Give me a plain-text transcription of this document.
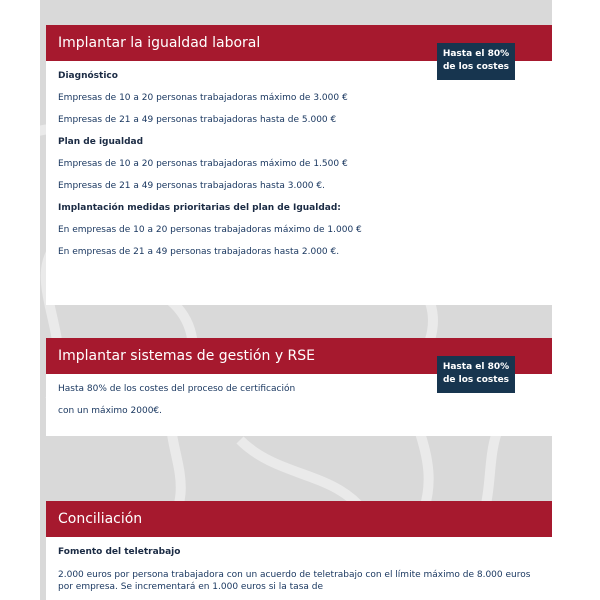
Implantar la igualdad laboral
Hasta el 80%
de los costes
Diagnóstico
Empresas de 10 a 20 personas trabajadoras máximo de 3.000 €
Empresas de 21 a 49 personas trabajadoras hasta de 5.000 €
Plan de igualdad
Empresas de 10 a 20 personas trabajadoras máximo de 1.500 €
Empresas de 21 a 49 personas trabajadoras hasta 3.000 €.
Implantación medidas prioritarias del plan de Igualdad:
En empresas de 10 a 20 personas trabajadoras máximo de 1.000 €
En empresas de 21 a 49 personas trabajadoras hasta 2.000 €.
Implantar sistemas de gestión y RSE
Hasta el 80%
de los costes
Hasta 80% de los costes del proceso de certificación
con un máximo 2000€.
Conciliación
Fomento del teletrabajo
2.000 euros por persona trabajadora con un acuerdo de teletrabajo con el límite máximo de 8.000 euros por empresa. Se incrementará en 1.000 euros si la tasa de
